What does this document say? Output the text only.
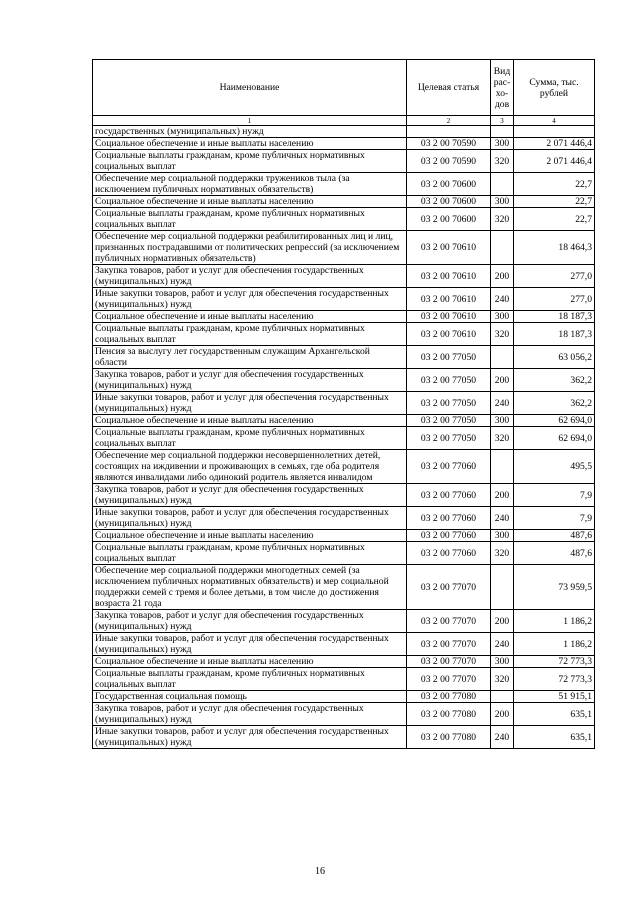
Наименование	Целевая статья	Вид рас- хо- дов	Сумма, тыс. рублей
1	2	3	4
государственных (муниципальных) нужд			
Социальное обеспечение и иные выплаты населению	03 2 00 70590	300	2 071 446,4
Социальные выплаты гражданам, кроме публичных нормативных социальных выплат	03 2 00 70590	320	2 071 446,4
Обеспечение мер социальной поддержки тружеников тыла (за исключением публичных нормативных обязательств)	03 2 00 70600		22,7
Социальное обеспечение и иные выплаты населению	03 2 00 70600	300	22,7
Социальные выплаты гражданам, кроме публичных нормативных социальных выплат	03 2 00 70600	320	22,7
Обеспечение мер социальной поддержки реабилитированных лиц и лиц, признанных пострадавшими от политических репрессий (за исключением публичных нормативных обязательств)	03 2 00 70610		18 464,3
Закупка товаров, работ и услуг для обеспечения государственных (муниципальных) нужд	03 2 00 70610	200	277,0
Иные закупки товаров, работ и услуг для обеспечения государственных (муниципальных) нужд	03 2 00 70610	240	277,0
Социальное обеспечение и иные выплаты населению	03 2 00 70610	300	18 187,3
Социальные выплаты гражданам, кроме публичных нормативных социальных выплат	03 2 00 70610	320	18 187,3
Пенсия за выслугу лет государственным служащим Архангельской области	03 2 00 77050		63 056,2
Закупка товаров, работ и услуг для обеспечения государственных (муниципальных) нужд	03 2 00 77050	200	362,2
Иные закупки товаров, работ и услуг для обеспечения государственных (муниципальных) нужд	03 2 00 77050	240	362,2
Социальное обеспечение и иные выплаты населению	03 2 00 77050	300	62 694,0
Социальные выплаты гражданам, кроме публичных нормативных социальных выплат	03 2 00 77050	320	62 694,0
Обеспечение мер социальной поддержки несовершеннолетних детей, состоящих на иждивении и проживающих в семьях, где оба родителя являются инвалидами либо одинокий родитель является инвалидом	03 2 00 77060		495,5
Закупка товаров, работ и услуг для обеспечения государственных (муниципальных) нужд	03 2 00 77060	200	7,9
Иные закупки товаров, работ и услуг для обеспечения государственных (муниципальных) нужд	03 2 00 77060	240	7,9
Социальное обеспечение и иные выплаты населению	03 2 00 77060	300	487,6
Социальные выплаты гражданам, кроме публичных нормативных социальных выплат	03 2 00 77060	320	487,6
Обеспечение мер социальной поддержки многодетных семей (за исключением публичных нормативных обязательств) и мер социальной поддержки семей с тремя и более детьми, в том числе до достижения возраста 21 года	03 2 00 77070		73 959,5
Закупка товаров, работ и услуг для обеспечения государственных (муниципальных) нужд	03 2 00 77070	200	1 186,2
Иные закупки товаров, работ и услуг для обеспечения государственных (муниципальных) нужд	03 2 00 77070	240	1 186,2
Социальное обеспечение и иные выплаты населению	03 2 00 77070	300	72 773,3
Социальные выплаты гражданам, кроме публичных нормативных социальных выплат	03 2 00 77070	320	72 773,3
Государственная социальная помощь	03 2 00 77080		51 915,1
Закупка товаров, работ и услуг для обеспечения государственных (муниципальных) нужд	03 2 00 77080	200	635,1
Иные закупки товаров, работ и услуг для обеспечения государственных (муниципальных) нужд	03 2 00 77080	240	635,1
16
